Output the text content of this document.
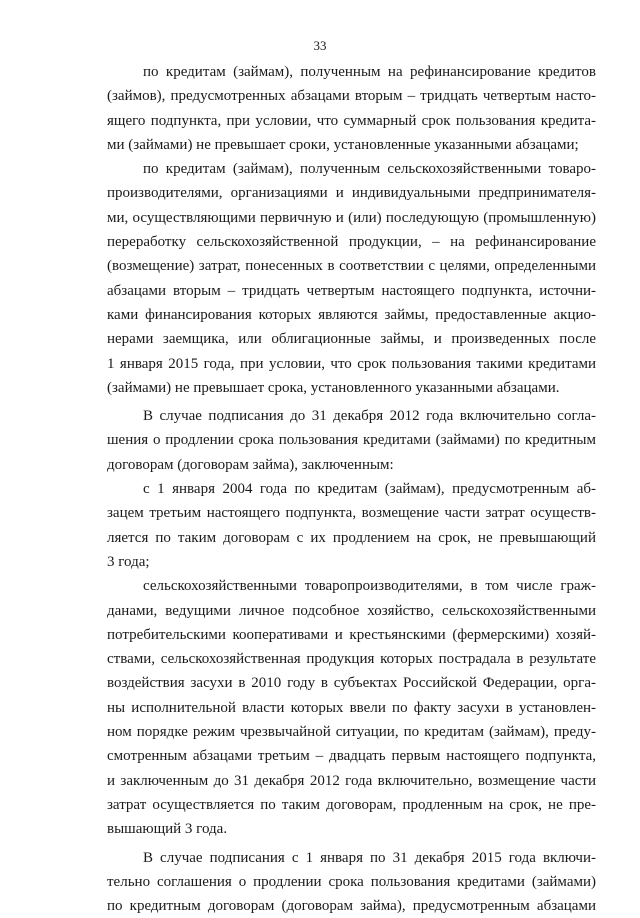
33
по кредитам (займам), полученным на рефинансирование кредитов
(займов), предусмотренных абзацами вторым – тридцать четвертым насто-
ящего подпункта, при условии, что суммарный срок пользования кредита-
ми (займами) не превышает сроки, установленные указанными абзацами;
по кредитам (займам), полученным сельскохозяйственными товаро-
производителями, организациями и индивидуальными предпринимателя-
ми, осуществляющими первичную и (или) последующую (промышленную)
переработку сельскохозяйственной продукции, – на рефинансирование
(возмещение) затрат, понесенных в соответствии с целями, определенными
абзацами вторым – тридцать четвертым настоящего подпункта, источни-
ками финансирования которых являются займы, предоставленные акцио-
нерами заемщика, или облигационные займы, и произведенных после
1 января 2015 года, при условии, что срок пользования такими кредитами
(займами) не превышает срока, установленного указанными абзацами.
В случае подписания до 31 декабря 2012 года включительно согла-
шения о продлении срока пользования кредитами (займами) по кредитным
договорам (договорам займа), заключенным:
с 1 января 2004 года по кредитам (займам), предусмотренным аб-
зацем третьим настоящего подпункта, возмещение части затрат осуществ-
ляется по таким договорам с их продлением на срок, не превышающий
3 года;
сельскохозяйственными товаропроизводителями, в том числе граж-
данами, ведущими личное подсобное хозяйство, сельскохозяйственными
потребительскими кооперативами и крестьянскими (фермерскими) хозяй-
ствами, сельскохозяйственная продукция которых пострадала в результате
воздействия засухи в 2010 году в субъектах Российской Федерации, орга-
ны исполнительной власти которых ввели по факту засухи в установлен-
ном порядке режим чрезвычайной ситуации, по кредитам (займам), преду-
смотренным абзацами третьим – двадцать первым настоящего подпункта,
и заключенным до 31 декабря 2012 года включительно, возмещение части
затрат осуществляется по таким договорам, продленным на срок, не пре-
вышающий 3 года.
В случае подписания с 1 января по 31 декабря 2015 года включи-
тельно соглашения о продлении срока пользования кредитами (займами)
по кредитным договорам (договорам займа), предусмотренным абзацами
